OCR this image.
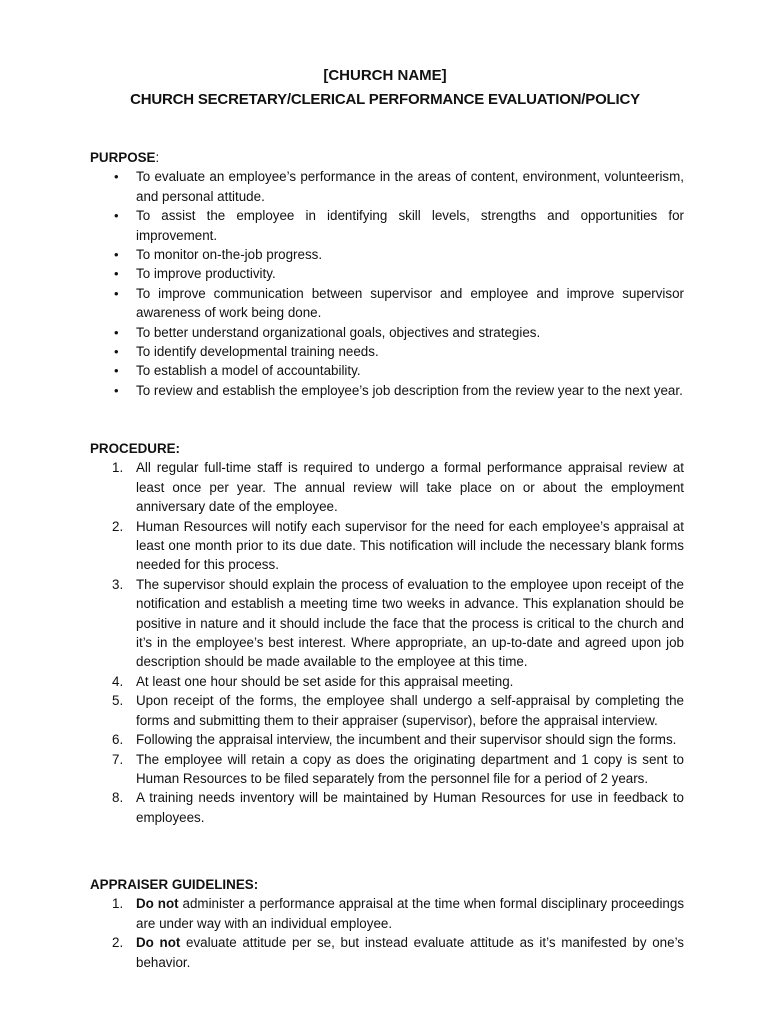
[CHURCH NAME]
CHURCH SECRETARY/CLERICAL PERFORMANCE EVALUATION/POLICY
PURPOSE:
• To evaluate an employee’s performance in the areas of content, environment, volunteerism, and personal attitude.
• To assist the employee in identifying skill levels, strengths and opportunities for improvement.
• To monitor on-the-job progress.
• To improve productivity.
• To improve communication between supervisor and employee and improve supervisor awareness of work being done.
• To better understand organizational goals, objectives and strategies.
• To identify developmental training needs.
• To establish a model of accountability.
• To review and establish the employee’s job description from the review year to the next year.
PROCEDURE:
1. All regular full-time staff is required to undergo a formal performance appraisal review at least once per year. The annual review will take place on or about the employment anniversary date of the employee.
2. Human Resources will notify each supervisor for the need for each employee’s appraisal at least one month prior to its due date. This notification will include the necessary blank forms needed for this process.
3. The supervisor should explain the process of evaluation to the employee upon receipt of the notification and establish a meeting time two weeks in advance. This explanation should be positive in nature and it should include the face that the process is critical to the church and it’s in the employee’s best interest. Where appropriate, an up-to-date and agreed upon job description should be made available to the employee at this time.
4. At least one hour should be set aside for this appraisal meeting.
5. Upon receipt of the forms, the employee shall undergo a self-appraisal by completing the forms and submitting them to their appraiser (supervisor), before the appraisal interview.
6. Following the appraisal interview, the incumbent and their supervisor should sign the forms.
7. The employee will retain a copy as does the originating department and 1 copy is sent to Human Resources to be filed separately from the personnel file for a period of 2 years.
8. A training needs inventory will be maintained by Human Resources for use in feedback to employees.
APPRAISER GUIDELINES:
1. Do not administer a performance appraisal at the time when formal disciplinary proceedings are under way with an individual employee.
2. Do not evaluate attitude per se, but instead evaluate attitude as it’s manifested by one’s behavior.
